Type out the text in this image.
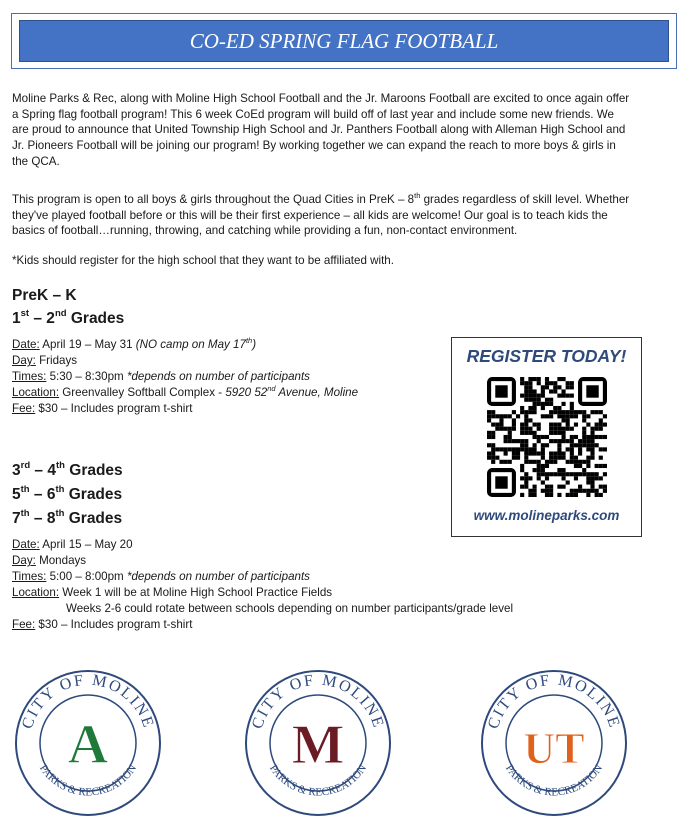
CO-ED SPRING FLAG FOOTBALL
Moline Parks & Rec, along with Moline High School Football and the Jr. Maroons Football are excited to once again offer
a Spring flag football program! This 6 week CoEd program will build off of last year and include some new friends. We
are proud to announce that United Township High School and Jr. Panthers Football along with Alleman High School and
Jr. Pioneers Football will be joining our program! By working together we can expand the reach to more boys & girls in
the QCA.
This program is open to all boys & girls throughout the Quad Cities in PreK – 8th grades regardless of skill level. Whether
they've played football before or this will be their first experience – all kids are welcome! Our goal is to teach kids the
basics of football…running, throwing, and catching while providing a fun, non-contact environment.
*Kids should register for the high school that they want to be affiliated with.
PreK – K
1st – 2nd Grades
Date: April 19 – May 31 (NO camp on May 17th)
Day: Fridays
Times: 5:30 – 8:30pm *depends on number of participants
Location: Greenvalley Softball Complex - 5920 52nd Avenue, Moline
Fee: $30 – Includes program t-shirt
3rd – 4th Grades
5th – 6th Grades
7th – 8th Grades
Date: April 15 – May 20
Day: Mondays
Times: 5:00 – 8:00pm *depends on number of participants
Location: Week 1 will be at Moline High School Practice Fields
Weeks 2-6 could rotate between schools depending on number participants/grade level
Fee: $30 – Includes program t-shirt
REGISTER TODAY!
www.molineparks.com
CITY OF MOLINE
PARKS & RECREATION
A	CITY OF MOLINE
PARKS & RECREATION
M	CITY OF MOLINE
PARKS & RECREATION
UT
